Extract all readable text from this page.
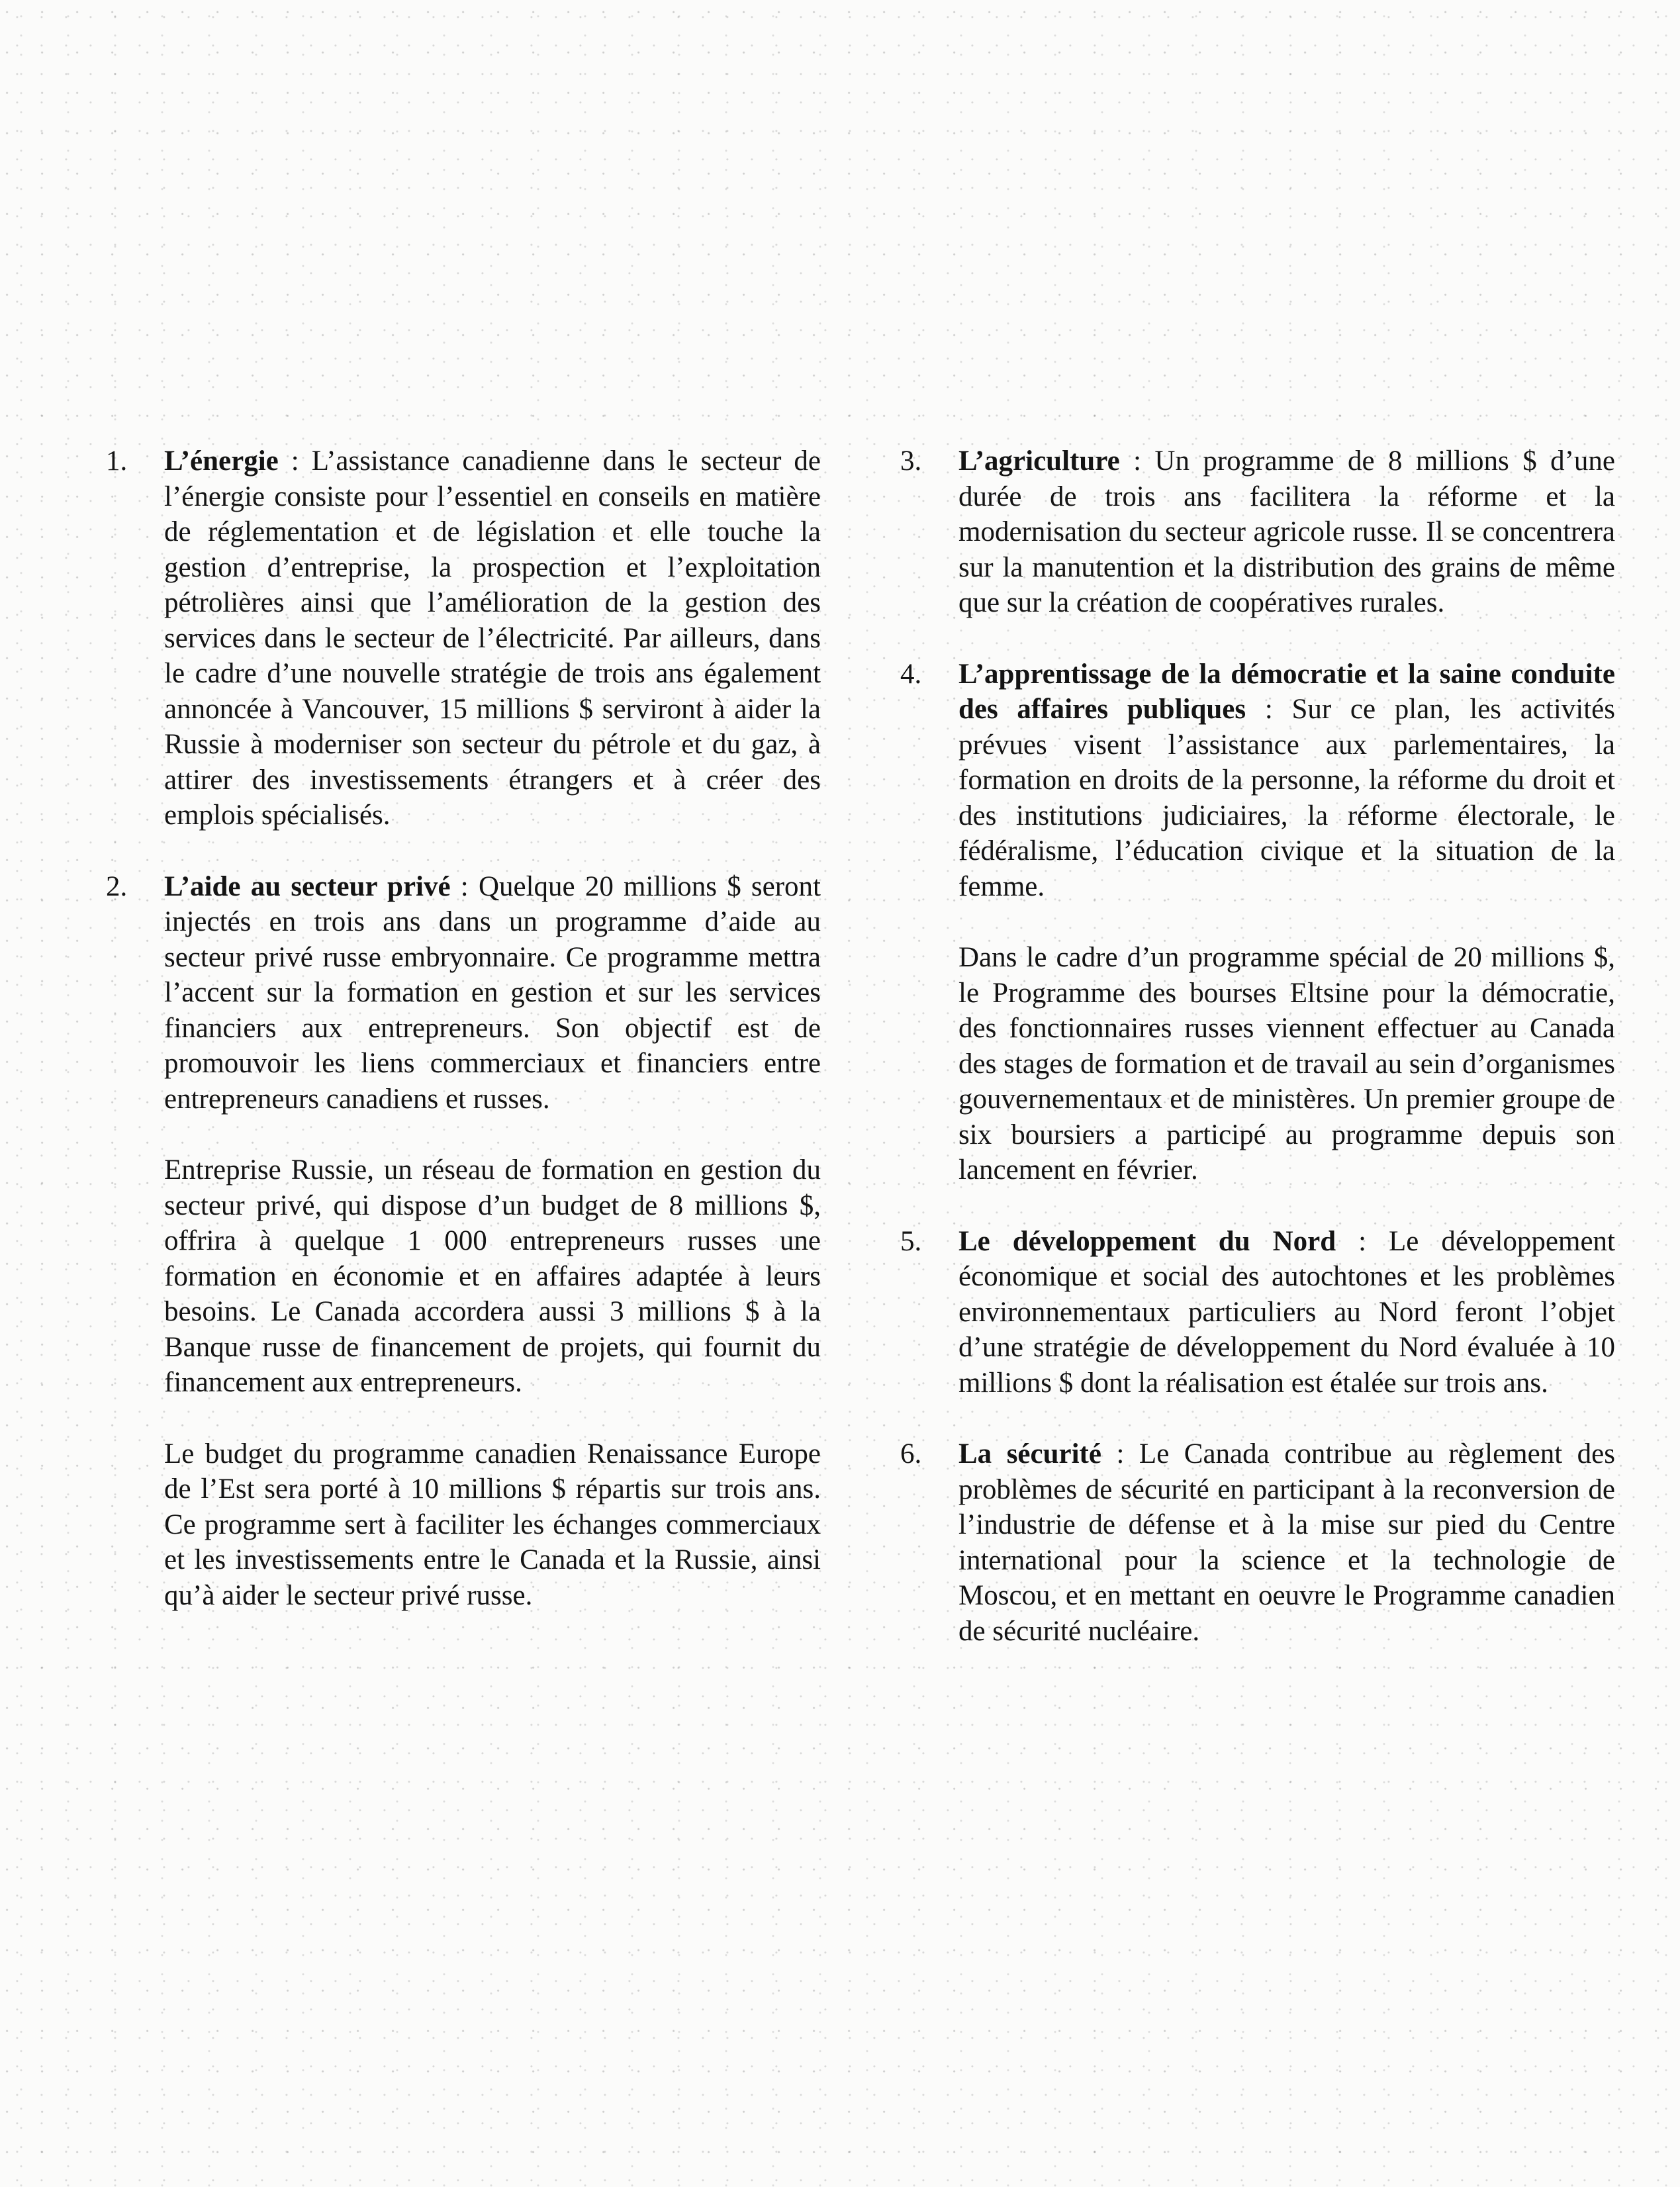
1.	L’énergie : L’assistance canadienne dans le secteur de l’énergie consiste pour l’essentiel en conseils en matière de réglementation et de législation et elle touche la gestion d’entreprise, la prospection et l’exploitation pétrolières ainsi que l’amélioration de la gestion des services dans le secteur de l’électricité. Par ailleurs, dans le cadre d’une nouvelle stratégie de trois ans également annoncée à Vancouver, 15 millions $ serviront à aider la Russie à moderniser son secteur du pétrole et du gaz, à attirer des investissements étrangers et à créer des emplois spécialisés.
2.	L’aide au secteur privé : Quelque 20 millions $ seront injectés en trois ans dans un programme d’aide au secteur privé russe embryonnaire. Ce programme mettra l’accent sur la formation en gestion et sur les services financiers aux entrepreneurs. Son objectif est de promouvoir les liens commerciaux et financiers entre entrepreneurs canadiens et russes.

Entreprise Russie, un réseau de formation en gestion du secteur privé, qui dispose d’un budget de 8 millions $, offrira à quelque 1 000 entrepreneurs russes une formation en économie et en affaires adaptée à leurs besoins. Le Canada accordera aussi 3 millions $ à la Banque russe de financement de projets, qui fournit du financement aux entrepreneurs.

Le budget du programme canadien Renaissance Europe de l’Est sera porté à 10 millions $ répartis sur trois ans. Ce programme sert à faciliter les échanges commerciaux et les investissements entre le Canada et la Russie, ainsi qu’à aider le secteur privé russe.

3.	L’agriculture : Un programme de 8 millions $ d’une durée de trois ans facilitera la réforme et la modernisation du secteur agricole russe. Il se concentrera sur la manutention et la distribution des grains de même que sur la création de coopératives rurales.
4.	L’apprentissage de la démocratie et la saine conduite des affaires publiques : Sur ce plan, les activités prévues visent l’assistance aux parlementaires, la formation en droits de la personne, la réforme du droit et des institutions judiciaires, la réforme électorale, le fédéralisme, l’éducation civique et la situation de la femme.

Dans le cadre d’un programme spécial de 20 millions $, le Programme des bourses Eltsine pour la démocratie, des fonctionnaires russes viennent effectuer au Canada des stages de formation et de travail au sein d’organismes gouvernementaux et de ministères. Un premier groupe de six boursiers a participé au programme depuis son lancement en février.

5.	Le développement du Nord : Le développement économique et social des autochtones et les problèmes environnementaux particuliers au Nord feront l’objet d’une stratégie de développement du Nord évaluée à 10 millions $ dont la réalisation est étalée sur trois ans.
6.	La sécurité : Le Canada contribue au règlement des problèmes de sécurité en participant à la reconversion de l’industrie de défense et à la mise sur pied du Centre international pour la science et la technologie de Moscou, et en mettant en oeuvre le Programme canadien de sécurité nucléaire.
